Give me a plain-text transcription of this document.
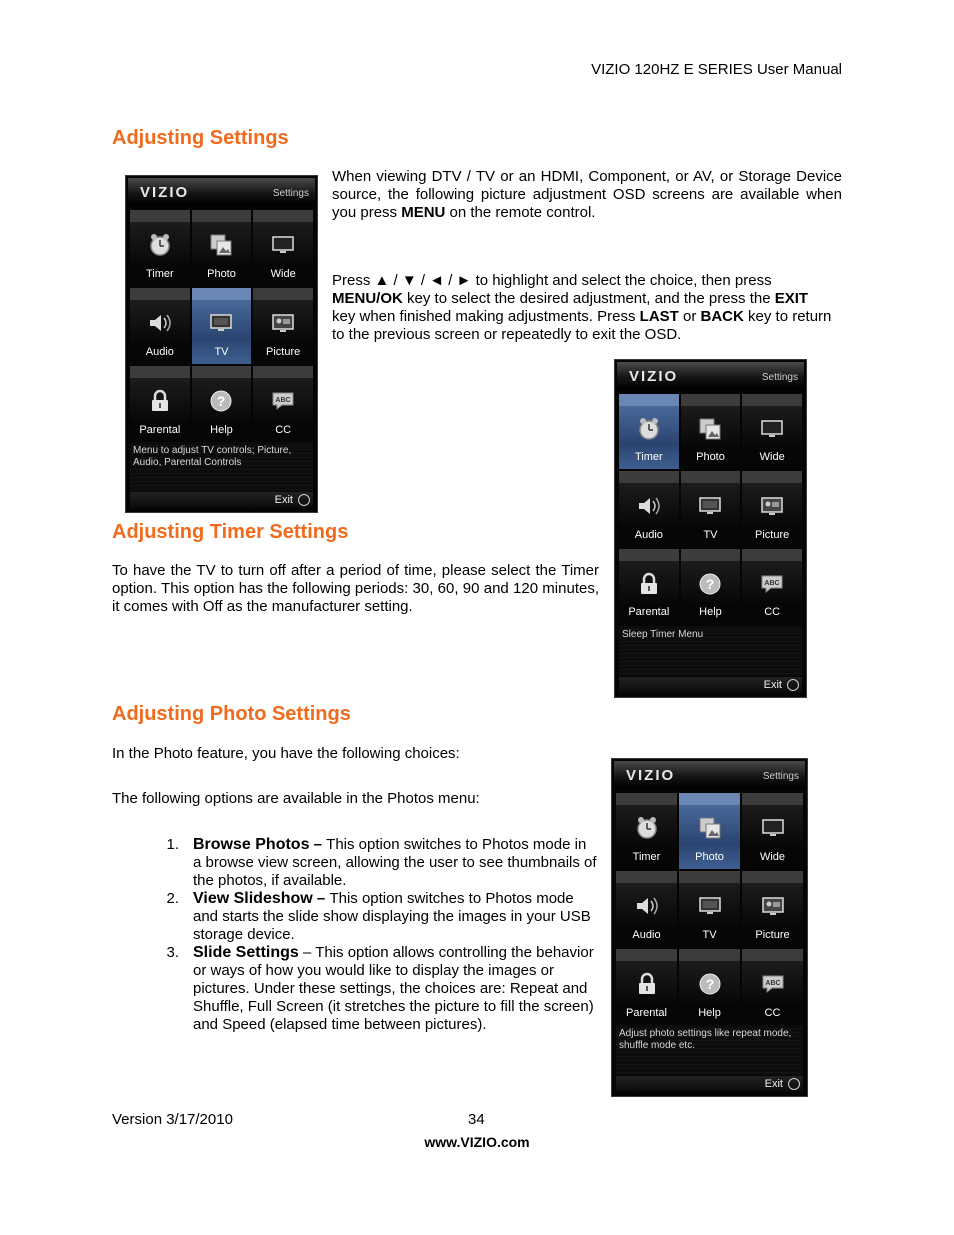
VIZIO 120HZ E SERIES User Manual
Adjusting Settings
When viewing DTV / TV or an HDMI, Component, or AV, or Storage Device source, the following picture adjustment OSD screens are available when you press MENU on the remote control.
Press ▲ / ▼ / ◄ / ► to highlight and select the choice, then press MENU/OK key to select the desired adjustment, and the press the EXIT key when finished making adjustments. Press LAST or BACK key to return to the previous screen or repeatedly to exit the OSD.
VIZIO	Settings
Timer	Photo	Wide
Audio	TV	Picture
Parental
?
Help
ABC
CC
Menu to adjust TV controls; Picture, Audio, Parental Controls
Exit
Adjusting Timer Settings
To have the TV to turn off after a period of time, please select the Timer option. This option has the following periods: 30, 60, 90 and 120 minutes, it comes with Off as the manufacturer setting.
VIZIO	Settings
Timer	Photo	Wide
Audio	TV	Picture
Parental
?
Help
ABC
CC
Sleep Timer Menu
Exit
Adjusting Photo Settings
In the Photo feature, you have the following choices:
The following options are available in the Photos menu:
1. Browse Photos – This option switches to Photos mode in a browse view screen, allowing the user to see thumbnails of the photos, if available.
2. View Slideshow – This option switches to Photos mode and starts the slide show displaying the images in your USB storage device.
3. Slide Settings – This option allows controlling the behavior or ways of how you would like to display the images or pictures. Under these settings, the choices are: Repeat and Shuffle, Full Screen (it stretches the picture to fill the screen) and Speed (elapsed time between pictures).
VIZIO	Settings
Timer	Photo	Wide
Audio	TV	Picture
Parental
?
Help
ABC
CC
Adjust photo settings like repeat mode, shuffle mode etc.
Exit
Version 3/17/2010	34
www.VIZIO.com
